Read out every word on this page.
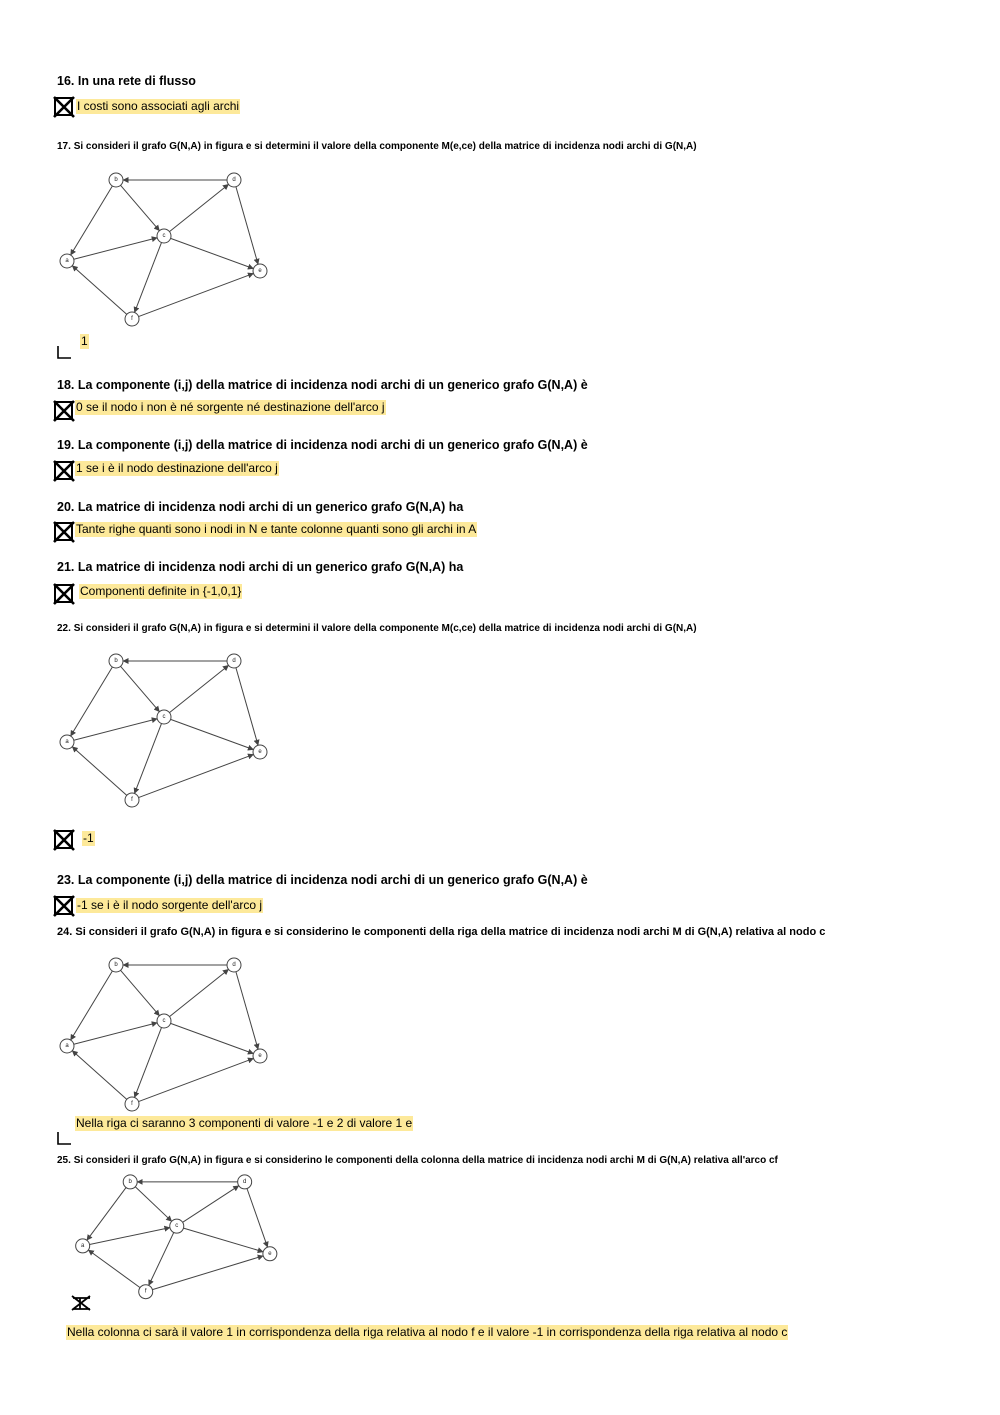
16. In una rete di flusso
I costi sono associati agli archi
17. Si consideri il grafo G(N,A) in figura e si determini il valore della componente M(e,ce) della matrice di incidenza nodi archi di G(N,A)
a
b
c
d
e
f
1
18. La componente (i,j) della matrice di incidenza nodi archi di un generico grafo G(N,A) è
0 se il nodo i non è né sorgente né destinazione dell'arco j
19. La componente (i,j) della matrice di incidenza nodi archi di un generico grafo G(N,A) è
1 se i è il nodo destinazione dell'arco j
20. La matrice di incidenza nodi archi di un generico grafo G(N,A) ha
Tante righe quanti sono i nodi in N e tante colonne quanti sono gli archi in A
21. La matrice di incidenza nodi archi di un generico grafo G(N,A) ha
Componenti definite in {-1,0,1}
22. Si consideri il grafo G(N,A) in figura e si determini il valore della componente M(c,ce) della matrice di incidenza nodi archi di G(N,A)
a
b
c
d
e
f
-1
23. La componente (i,j) della matrice di incidenza nodi archi di un generico grafo G(N,A) è
-1 se i è il nodo sorgente dell'arco j
24. Si consideri il grafo G(N,A) in figura e si considerino le componenti della riga della matrice di incidenza nodi archi M di G(N,A) relativa al nodo c
a
b
c
d
e
f
Nella riga ci saranno 3 componenti di valore -1 e 2 di valore 1 e
25. Si consideri il grafo G(N,A) in figura e si considerino le componenti della colonna della matrice di incidenza nodi archi M di G(N,A) relativa all'arco cf
a
b
c
d
e
f
Nella colonna ci sarà il valore 1 in corrispondenza della riga relativa al nodo f e il valore -1 in corrispondenza della riga relativa al nodo c
